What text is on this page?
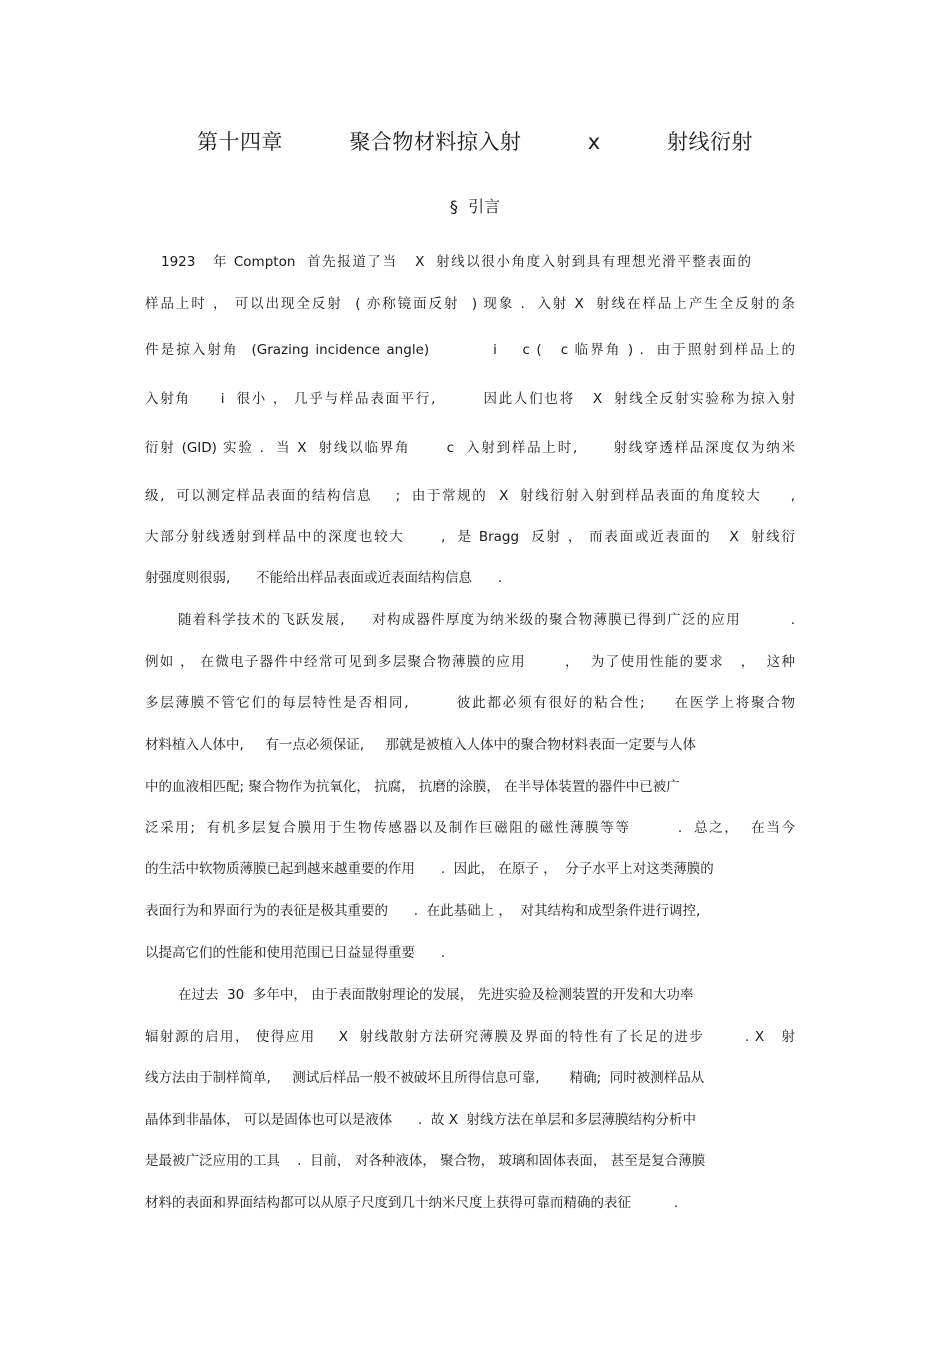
第十四章  聚合物材料掠入射  x  射线衍射
§  引言
1923   年 Compton  首先报道了当   X  射线以很小角度入射到具有理想光滑平整表面的
样品上时 ， 可以出现全反射  ( 亦称镜面反射  ) 现象 .  入射 X  射线在样品上产生全反射的条
件是掠入射角  (Grazing incidence angle)          i    c (   c 临界角 ) .  由于照射到样品上的
入射角     i  很小 ， 几乎与样品表面平行,        因此人们也将   X  射线全反射实验称为掠入射
衍射 (GID) 实验 .  当 X  射线以临界角      c  入射到样品上时,      射线穿透样品深度仅为纳米
级,  可以测定样品表面的结构信息    ;  由于常规的  X  射线衍射入射到样品表面的角度较大     ,
大部分射线透射到样品中的深度也较大      ,  是 Bragg  反射 ， 而表面或近表面的   X  射线衍
射强度则很弱,      不能给出样品表面或近表面结构信息      .
随着科学技术的飞跃发展,     对构成器件厚度为纳米级的聚合物薄膜已得到广泛的应用         .
例如 ， 在微电子器件中经常可见到多层聚合物薄膜的应用       ，  为了使用性能的要求   ，  这种
多层薄膜不管它们的每层特性是否相同,        彼此都必须有很好的粘合性;     在医学上将聚合物
材料植入人体中,     有一点必须保证,     那就是被植入人体中的聚合物材料表面一定要与人体
中的血液相匹配; 聚合物作为抗氧化， 抗腐， 抗磨的涂膜， 在半导体装置的器件中已被广
泛采用;  有机多层复合膜用于生物传感器以及制作巨磁阻的磁性薄膜等等        .  总之，  在当今
的生活中软物质薄膜已起到越来越重要的作用      .  因此， 在原子 ，  分子水平上对这类薄膜的
表面行为和界面行为的表征是极其重要的      .  在此基础上 ，  对其结构和成型条件进行调控,
以提高它们的性能和使用范围已日益显得重要      .
在过去  30  多年中， 由于表面散射理论的发展， 先进实验及检测装置的开发和大功率
辐射源的启用， 使得应用    X  射线散射方法研究薄膜及界面的特性有了长足的进步       . X   射
线方法由于制样简单,     测试后样品一般不被破坏且所得信息可靠,       精确;  同时被测样品从
晶体到非晶体， 可以是固体也可以是液体      .  故 X  射线方法在单层和多层薄膜结构分析中
是最被广泛应用的工具    .  目前， 对各种液体， 聚合物， 玻璃和固体表面， 甚至是复合薄膜
材料的表面和界面结构都可以从原子尺度到几十纳米尺度上获得可靠而精确的表征          .
